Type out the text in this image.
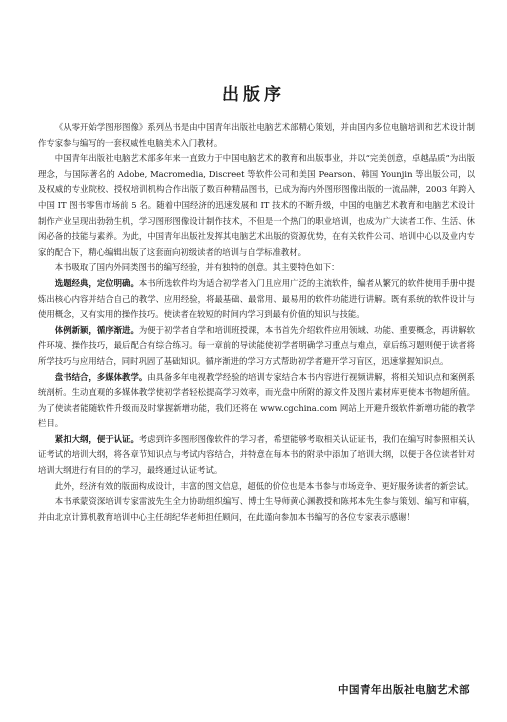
出版序

《从零开始学图形图像》系列丛书是由中国青年出版社电脑艺术部精心策划，并由国内多位电脑培训和艺术设计制作专家参与编写的一套权威性电脑美术入门教材。

中国青年出版社电脑艺术部多年来一直致力于中国电脑艺术的教育和出版事业，并以“完美创意，卓越品质”为出版理念，与国际著名的 Adobe, Macromedia, Discreet 等软件公司和美国 Pearson、韩国 Younjin 等出版公司，以及权威的专业院校、授权培训机构合作出版了数百种精品图书，已成为海内外图形图像出版的一流品牌，2003 年跨入中国 IT 图书零售市场前 5 名。随着中国经济的迅速发展和 IT 技术的不断升级，中国的电脑艺术教育和电脑艺术设计制作产业呈现出勃勃生机，学习图形图像设计制作技术，不但是一个热门的职业培训，也成为广大读者工作、生活、休闲必备的技能与素养。为此，中国青年出版社发挥其电脑艺术出版的资源优势，在有关软件公司、培训中心以及业内专家的配合下，精心编辑出版了这套面向初级读者的培训与自学标准教材。

本书吸取了国内外同类图书的编写经验，并有独特的创意。其主要特色如下：

选题经典，定位明确。本书所选软件均为适合初学者入门且应用广泛的主流软件，编者从繁冗的软件使用手册中提炼出核心内容并结合自己的教学、应用经验，将最基础、最常用、最易用的软件功能进行讲解。既有系统的软件设计与使用概念，又有实用的操作技巧。使读者在较短的时间内学习到最有价值的知识与技能。

体例新颖，循序渐进。为便于初学者自学和培训班授课，本书首先介绍软件应用领域、功能、重要概念，再讲解软件环境、操作技巧，最后配合有综合练习。每一章前的导读能使初学者明确学习重点与难点，章后练习题则便于读者将所学技巧与应用结合，同时巩固了基础知识。循序渐进的学习方式帮助初学者避开学习盲区，迅速掌握知识点。

盘书结合，多媒体教学。由具备多年电视教学经验的培训专家结合本书内容进行视频讲解，将相关知识点和案例系统剖析。生动直观的多媒体教学使初学者轻松提高学习效率，而光盘中所附的源文件及图片素材库更使本书物超所值。为了使读者能随软件升级而及时掌握新增功能，我们还将在 www.cgchina.com 网站上开避升级软件新增功能的教学栏目。

紧扣大纲，便于认证。考虑到许多图形图像软件的学习者，希望能够考取相关认证证书，我们在编写时参照相关认证考试的培训大纲，将各章节知识点与考试内容结合，并特意在每本书的附录中添加了培训大纲，以便于各位读者针对培训大纲进行有目的的学习，最终通过认证考试。

此外，经济有效的版面构成设计，丰富的图文信息，超低的价位也是本书参与市场竞争、更好服务读者的新尝试。

本书承蒙资深培训专家雷波先生全力协助组织编写、博士生导师黄心渊教授和陈邦本先生参与策划、编写和审稿，并由北京计算机教育培训中心主任胡纪华老师担任顾问，在此谨向参加本书编写的各位专家表示感谢！

中国青年出版社电脑艺术部
